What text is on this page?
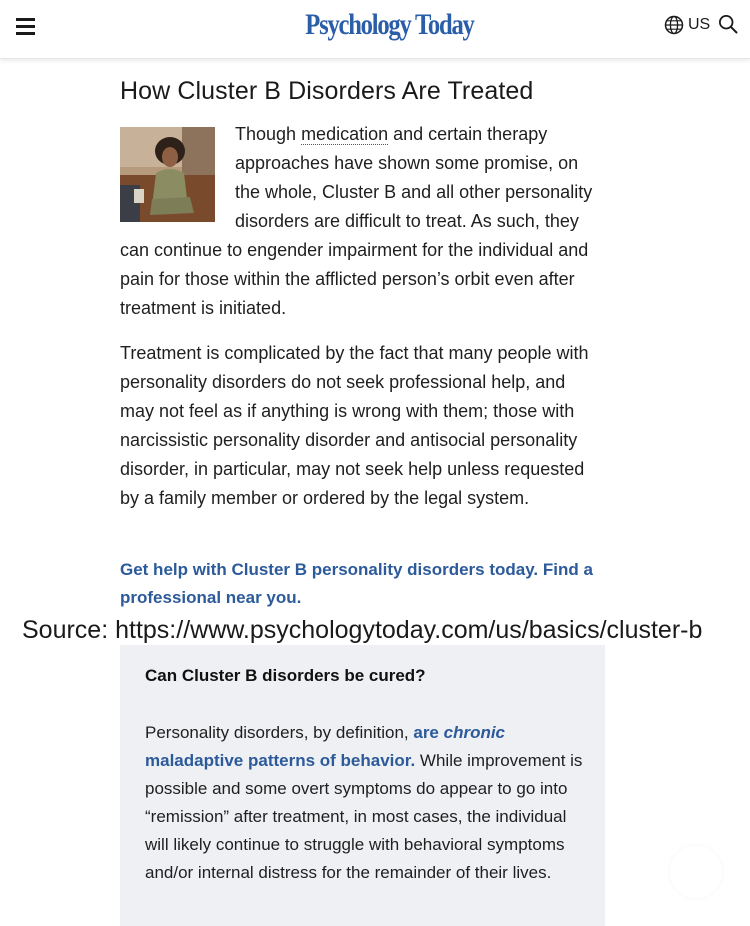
Psychology Today	US
How Cluster B Disorders Are Treated

Though medication and certain therapy approaches have shown some promise, on the whole, Cluster B and all other personality disorders are difficult to treat. As such, they can continue to engender impairment for the individual and pain for those within the afflicted person’s orbit even after treatment is initiated.

Treatment is complicated by the fact that many people with personality disorders do not seek professional help, and may not feel as if anything is wrong with them; those with narcissistic personality disorder and antisocial personality disorder, in particular, may not seek help unless requested by a family member or ordered by the legal system.

Get help with Cluster B personality disorders today. Find a professional near you.
Can Cluster B disorders be cured?
Personality disorders, by definition, are chronic maladaptive patterns of behavior. While improvement is possible and some overt symptoms do appear to go into “remission” after treatment, in most cases, the individual will likely continue to struggle with behavioral symptoms and/or internal distress for the remainder of their lives.
Source: https://www.psychologytoday.com/us/basics/cluster-b
